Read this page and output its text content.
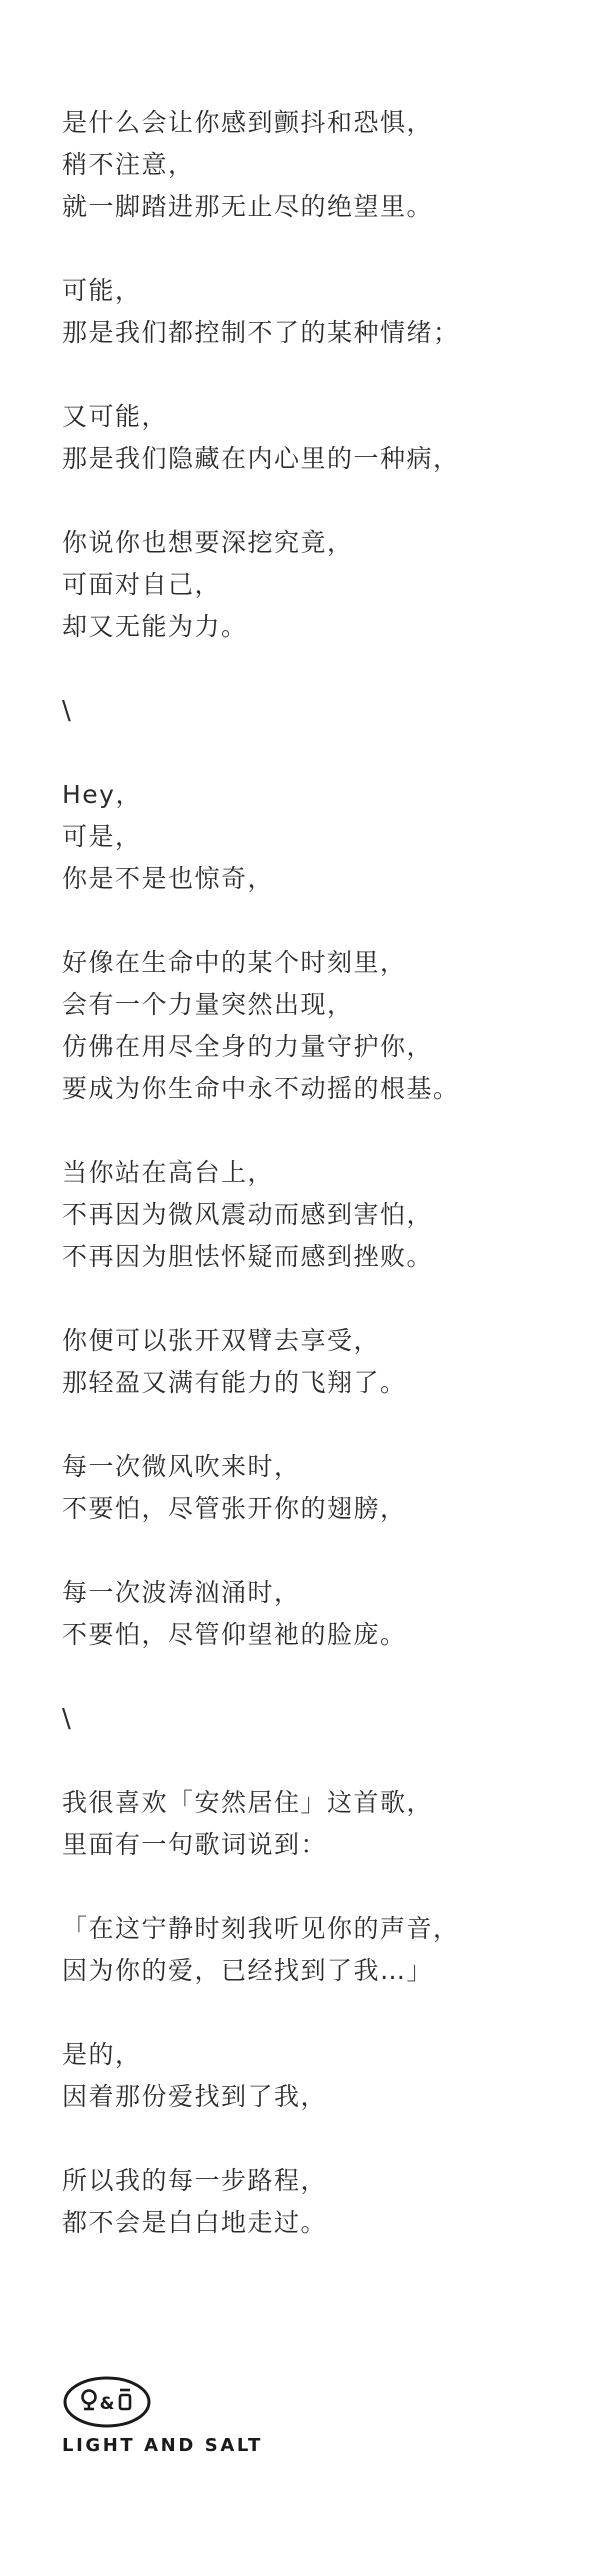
是什么会让你感到颤抖和恐惧，
稍不注意，
就一脚踏进那无止尽的绝望里。
可能，
那是我们都控制不了的某种情绪；
又可能，
那是我们隐藏在内心里的一种病，
你说你也想要深挖究竟，
可面对自己，
却又无能为力。
\
Hey，
可是，
你是不是也惊奇，
好像在生命中的某个时刻里，
会有一个力量突然出现，
仿佛在用尽全身的力量守护你，
要成为你生命中永不动摇的根基。
当你站在高台上，
不再因为微风震动而感到害怕，
不再因为胆怯怀疑而感到挫败。
你便可以张开双臂去享受，
那轻盈又满有能力的飞翔了。
每一次微风吹来时，
不要怕，尽管张开你的翅膀，
每一次波涛汹涌时，
不要怕，尽管仰望祂的脸庞。
\
我很喜欢「安然居住」这首歌，
里面有一句歌词说到：
「在这宁静时刻我听见你的声音，
因为你的爱，已经找到了我…」
是的，
因着那份爱找到了我，
所以我的每一步路程，
都不会是白白地走过。
&
LIGHT AND SALT
